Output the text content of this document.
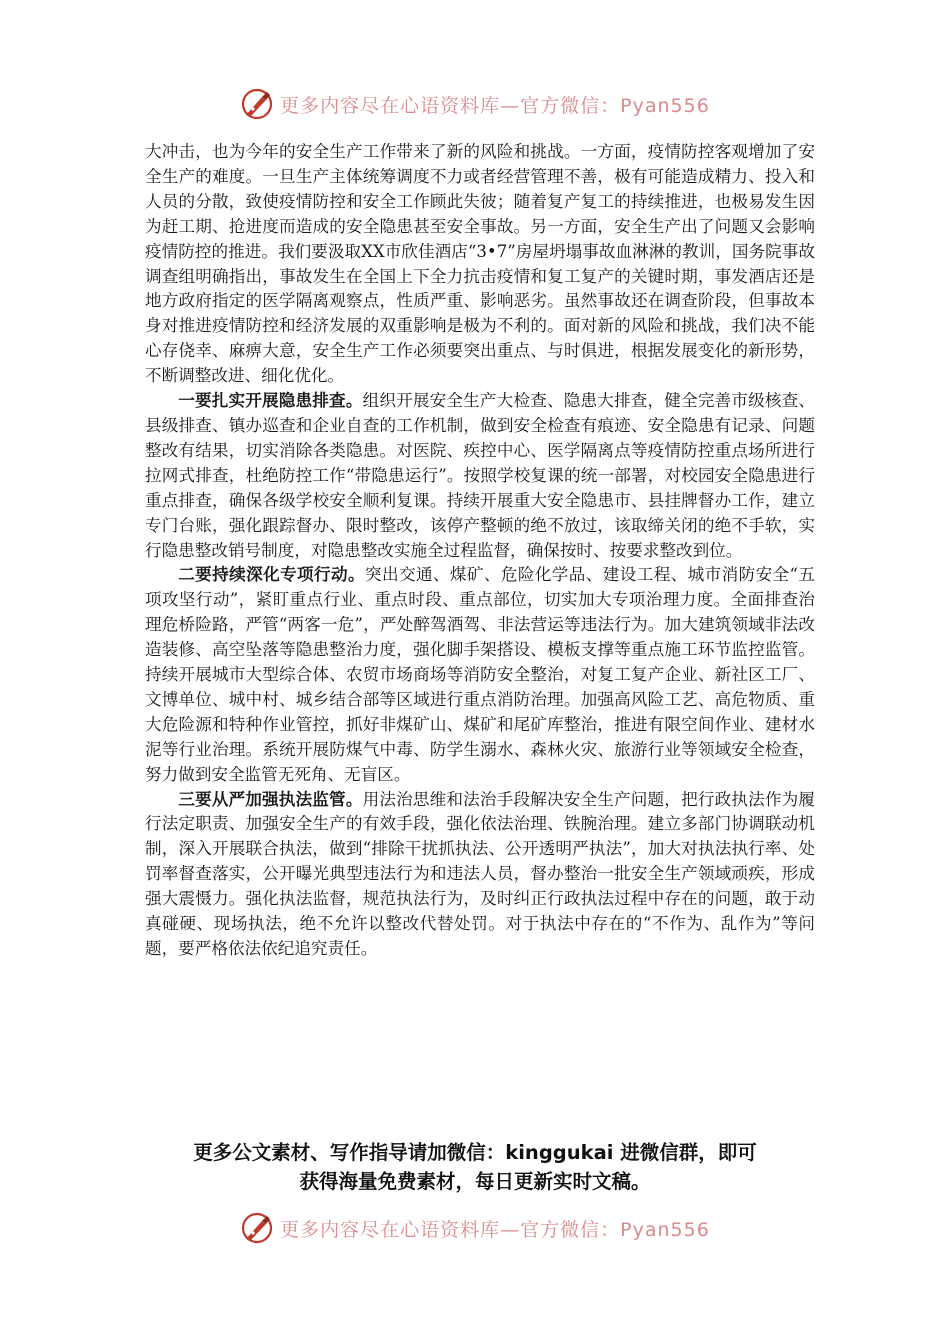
更多内容尽在心语资料库—官方微信：Pyan556

大冲击，也为今年的安全生产工作带来了新的风险和挑战。一方面，疫情防控客观增加了安全生产的难度。一旦生产主体统筹调度不力或者经营管理不善，极有可能造成精力、投入和人员的分散，致使疫情防控和安全工作顾此失彼；随着复产复工的持续推进，也极易发生因为赶工期、抢进度而造成的安全隐患甚至安全事故。另一方面，安全生产出了问题又会影响疫情防控的推进。我们要汲取XX市欣佳酒店“3•7”房屋坍塌事故血淋淋的教训，国务院事故调查组明确指出，事故发生在全国上下全力抗击疫情和复工复产的关键时期，事发酒店还是地方政府指定的医学隔离观察点，性质严重、影响恶劣。虽然事故还在调查阶段，但事故本身对推进疫情防控和经济发展的双重影响是极为不利的。面对新的风险和挑战，我们决不能心存侥幸、麻痹大意，安全生产工作必须要突出重点、与时俱进，根据发展变化的新形势，不断调整改进、细化优化。

一要扎实开展隐患排查。组织开展安全生产大检查、隐患大排查，健全完善市级核查、县级排查、镇办巡查和企业自查的工作机制，做到安全检查有痕迹、安全隐患有记录、问题整改有结果，切实消除各类隐患。对医院、疾控中心、医学隔离点等疫情防控重点场所进行拉网式排查，杜绝防控工作“带隐患运行”。按照学校复课的统一部署，对校园安全隐患进行重点排查，确保各级学校安全顺利复课。持续开展重大安全隐患市、县挂牌督办工作，建立专门台账，强化跟踪督办、限时整改，该停产整顿的绝不放过，该取缔关闭的绝不手软，实行隐患整改销号制度，对隐患整改实施全过程监督，确保按时、按要求整改到位。

二要持续深化专项行动。突出交通、煤矿、危险化学品、建设工程、城市消防安全“五项攻坚行动”，紧盯重点行业、重点时段、重点部位，切实加大专项治理力度。全面排查治理危桥险路，严管“两客一危”，严处醉驾酒驾、非法营运等违法行为。加大建筑领域非法改造装修、高空坠落等隐患整治力度，强化脚手架搭设、模板支撑等重点施工环节监控监管。持续开展城市大型综合体、农贸市场商场等消防安全整治，对复工复产企业、新社区工厂、文博单位、城中村、城乡结合部等区域进行重点消防治理。加强高风险工艺、高危物质、重大危险源和特种作业管控，抓好非煤矿山、煤矿和尾矿库整治，推进有限空间作业、建材水泥等行业治理。系统开展防煤气中毒、防学生溺水、森林火灾、旅游行业等领域安全检查，努力做到安全监管无死角、无盲区。

三要从严加强执法监管。用法治思维和法治手段解决安全生产问题，把行政执法作为履行法定职责、加强安全生产的有效手段，强化依法治理、铁腕治理。建立多部门协调联动机制，深入开展联合执法，做到“排除干扰抓执法、公开透明严执法”，加大对执法执行率、处罚率督查落实，公开曝光典型违法行为和违法人员，督办整治一批安全生产领域顽疾，形成强大震慑力。强化执法监督，规范执法行为，及时纠正行政执法过程中存在的问题，敢于动真碰硬、现场执法，绝不允许以整改代替处罚。对于执法中存在的“不作为、乱作为”等问题，要严格依法依纪追究责任。

更多公文素材、写作指导请加微信：kinggukai 进微信群，即可
获得海量免费素材，每日更新实时文稿。
更多内容尽在心语资料库—官方微信：Pyan556
